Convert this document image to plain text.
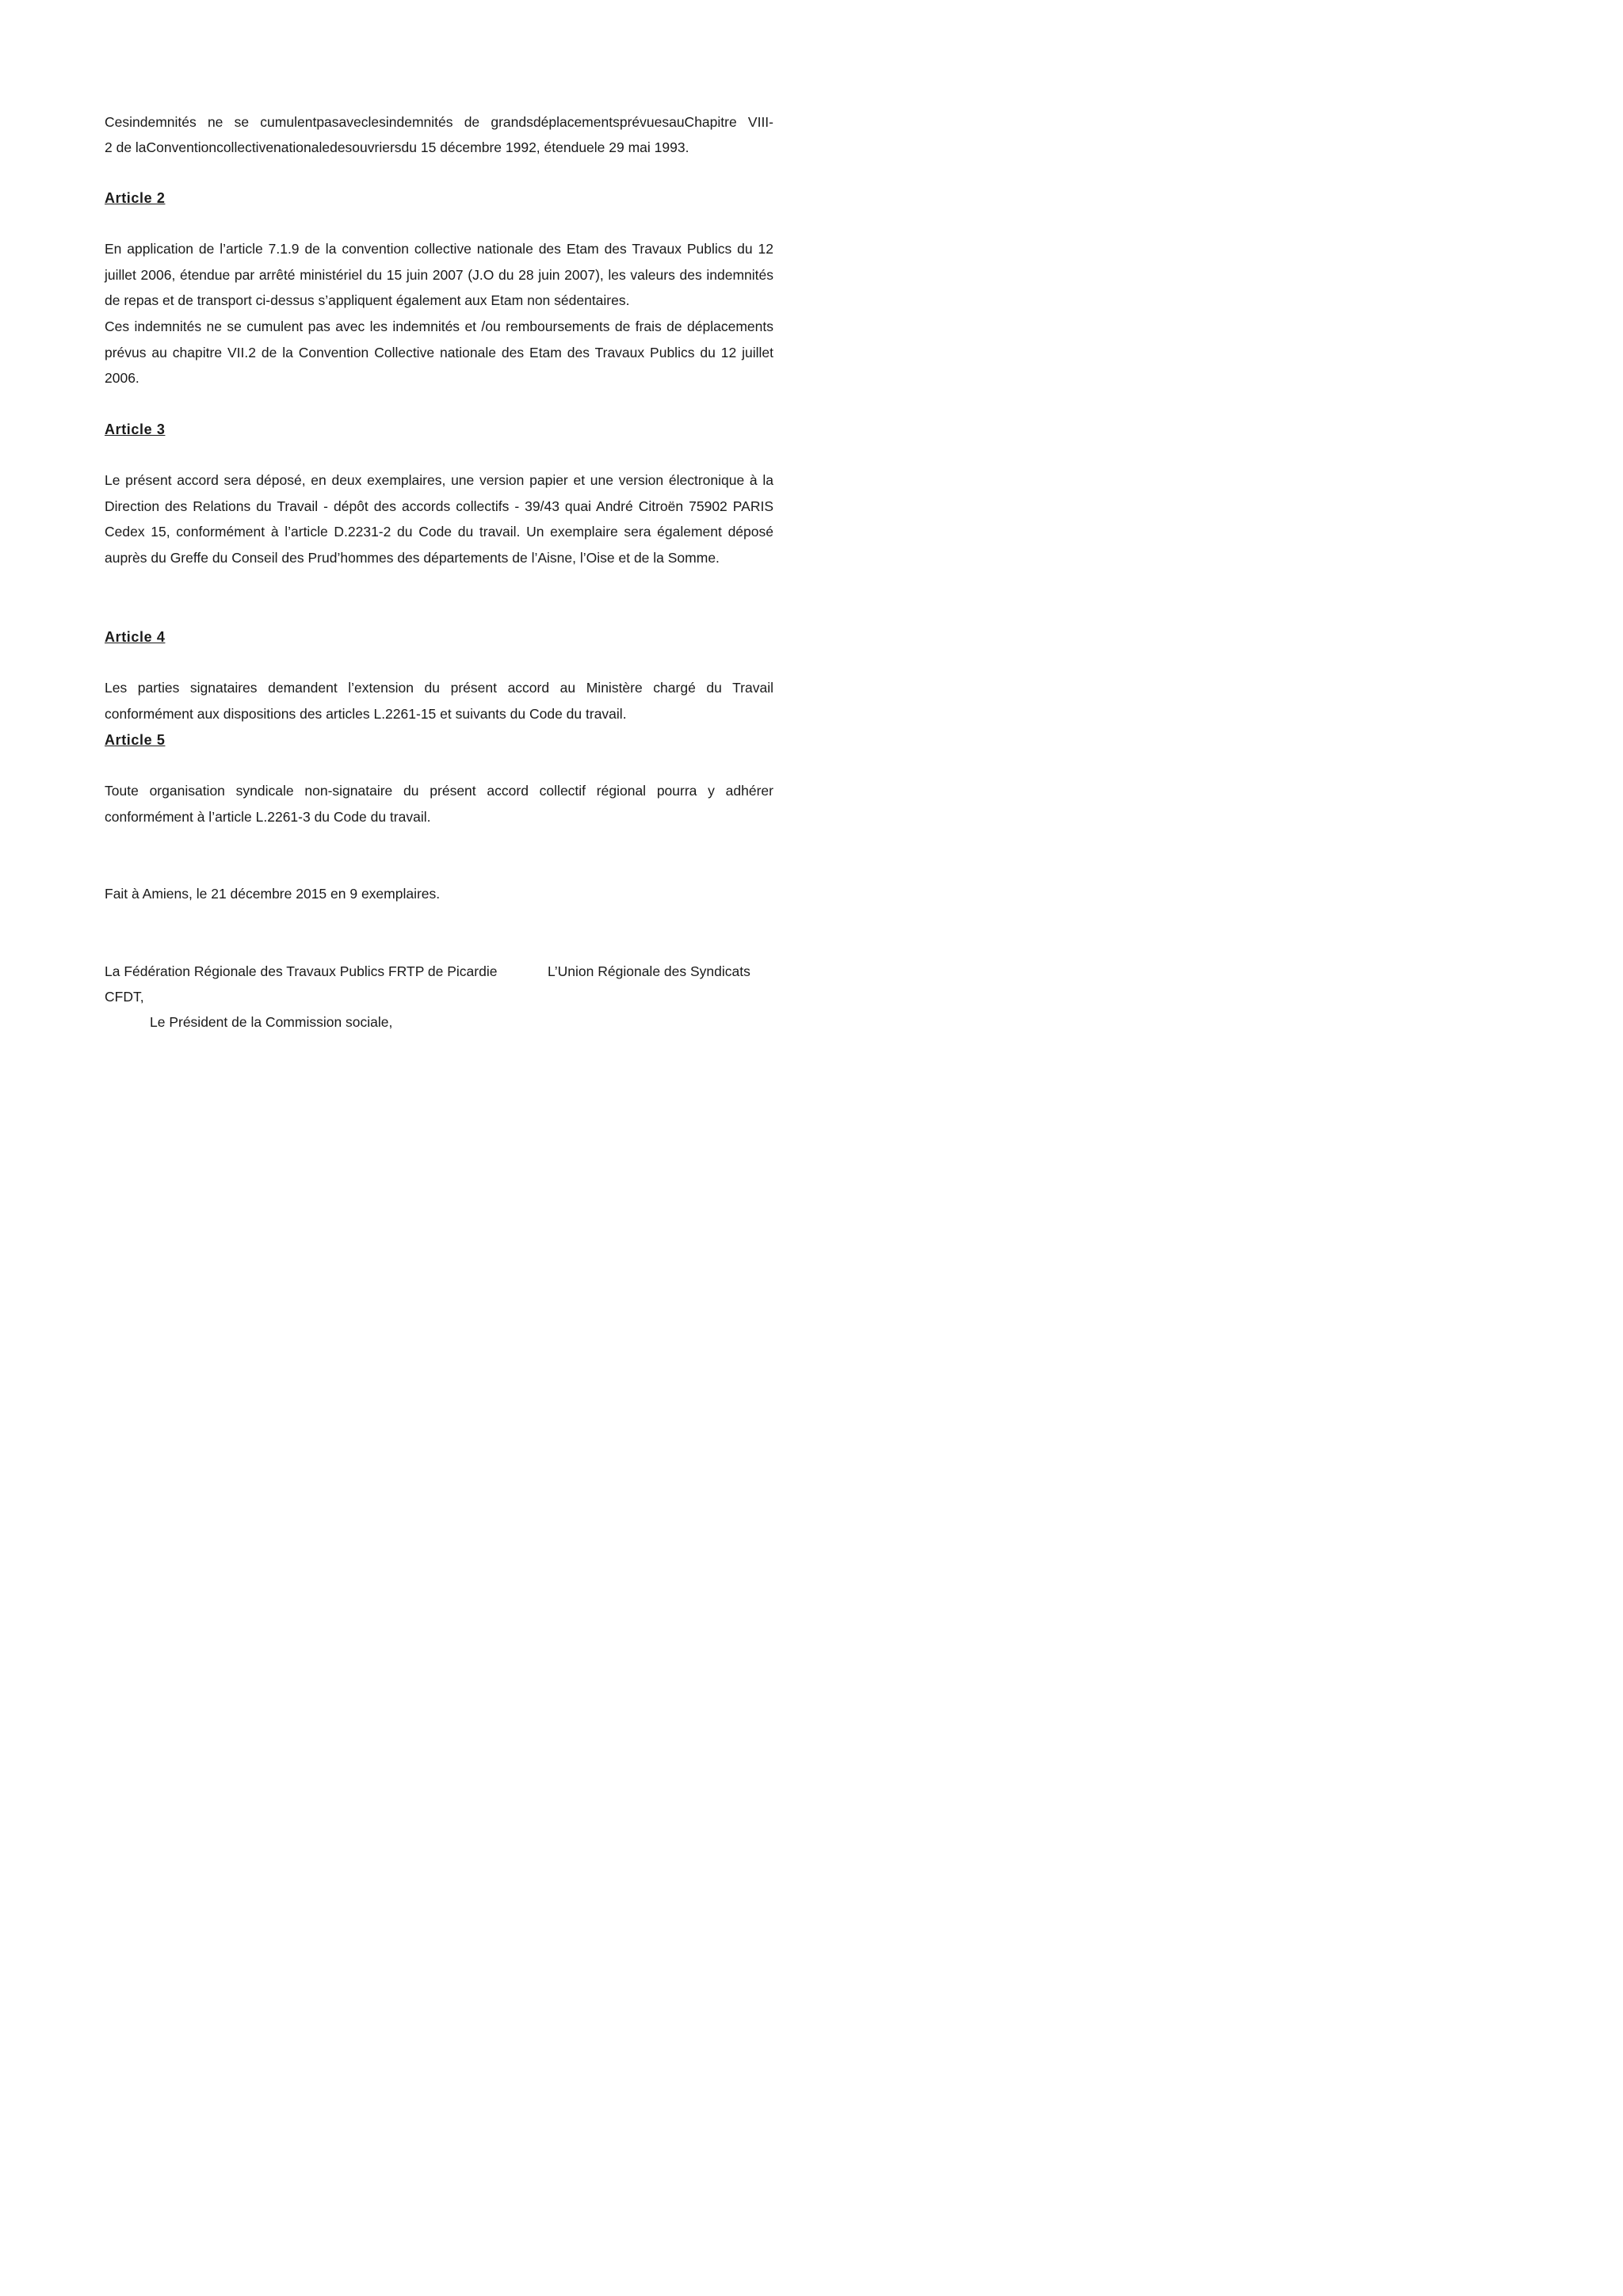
Cesindemnités ne se cumulentpasaveclesindemnités de grandsdéplacementsprévuesauChapitre VIII-

2 de laConventioncollectivenationaledesouvriersdu 15 décembre 1992, étenduele 29 mai 1993.

Article 2

En application de l’article 7.1.9 de la convention collective nationale des Etam des Travaux Publics du 12 juillet 2006, étendue par arrêté ministériel du 15 juin 2007 (J.O du 28 juin 2007), les valeurs des indemnités de repas et de transport ci-dessus s’appliquent également aux Etam non sédentaires.

Ces indemnités ne se cumulent pas avec les indemnités et /ou remboursements de frais de déplacements prévus au chapitre VII.2 de la Convention Collective nationale des Etam des Travaux Publics du 12 juillet 2006.

Article 3

Le présent accord sera déposé, en deux exemplaires, une version papier et une version électronique à la Direction des Relations du Travail - dépôt des accords collectifs - 39/43 quai André Citroën 75902 PARIS Cedex 15, conformément à l’article D.2231-2 du Code du travail. Un exemplaire sera également déposé auprès du Greffe du Conseil des Prud’hommes des départements de l’Aisne, l’Oise et de la Somme.

Article 4

Les parties signataires demandent l’extension du présent accord au Ministère chargé du Travail conformément aux dispositions des articles L.2261-15 et suivants du Code du travail.

Article 5

Toute organisation syndicale non-signataire du présent accord collectif régional pourra y adhérer conformément à l’article L.2261-3 du Code du travail.

Fait à Amiens, le 21 décembre 2015 en 9 exemplaires.

La Fédération Régionale des Travaux Publics FRTP de Picardie	L’Union Régionale des Syndicats

CFDT,

Le Président de la Commission sociale,
